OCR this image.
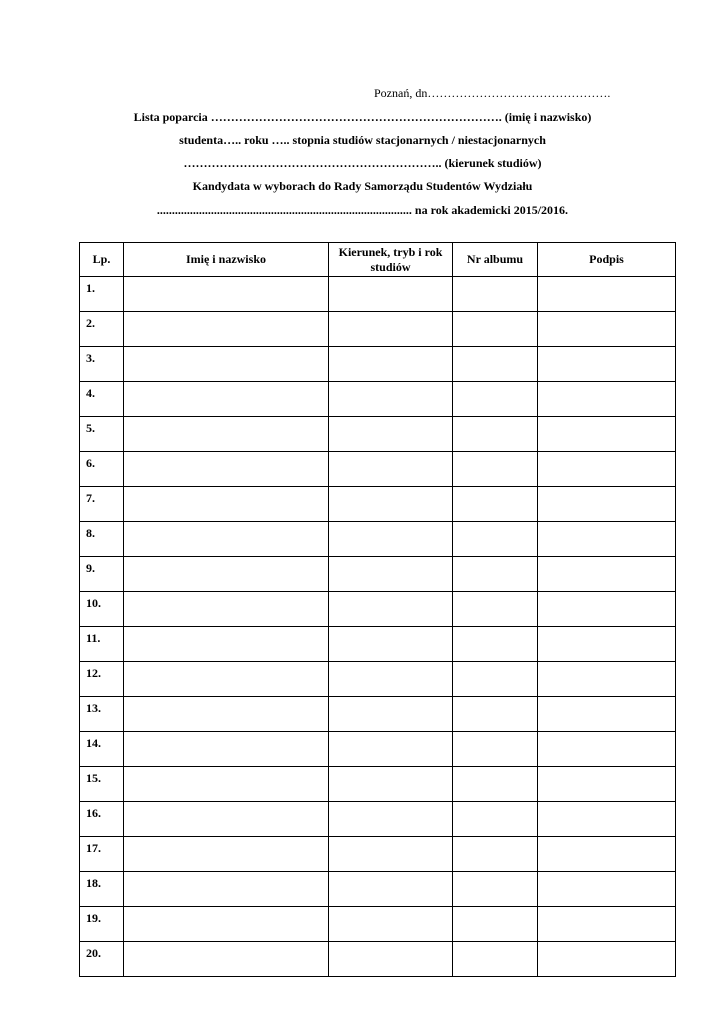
Poznań, dn……………………………………….
Lista poparcia ………………………………………………………………. (imię i nazwisko)
studenta….. roku ….. stopnia studiów stacjonarnych / niestacjonarnych
……………………………………………………….. (kierunek studiów)
Kandydata w wyborach do Rady Samorządu Studentów Wydziału
..................................................................................... na rok akademicki 2015/2016.
Lp.	Imię i nazwisko	Kierunek, tryb i rok studiów	Nr albumu	Podpis
1.				
2.				
3.				
4.				
5.				
6.				
7.				
8.				
9.				
10.				
11.				
12.				
13.				
14.				
15.				
16.				
17.				
18.				
19.				
20.				
